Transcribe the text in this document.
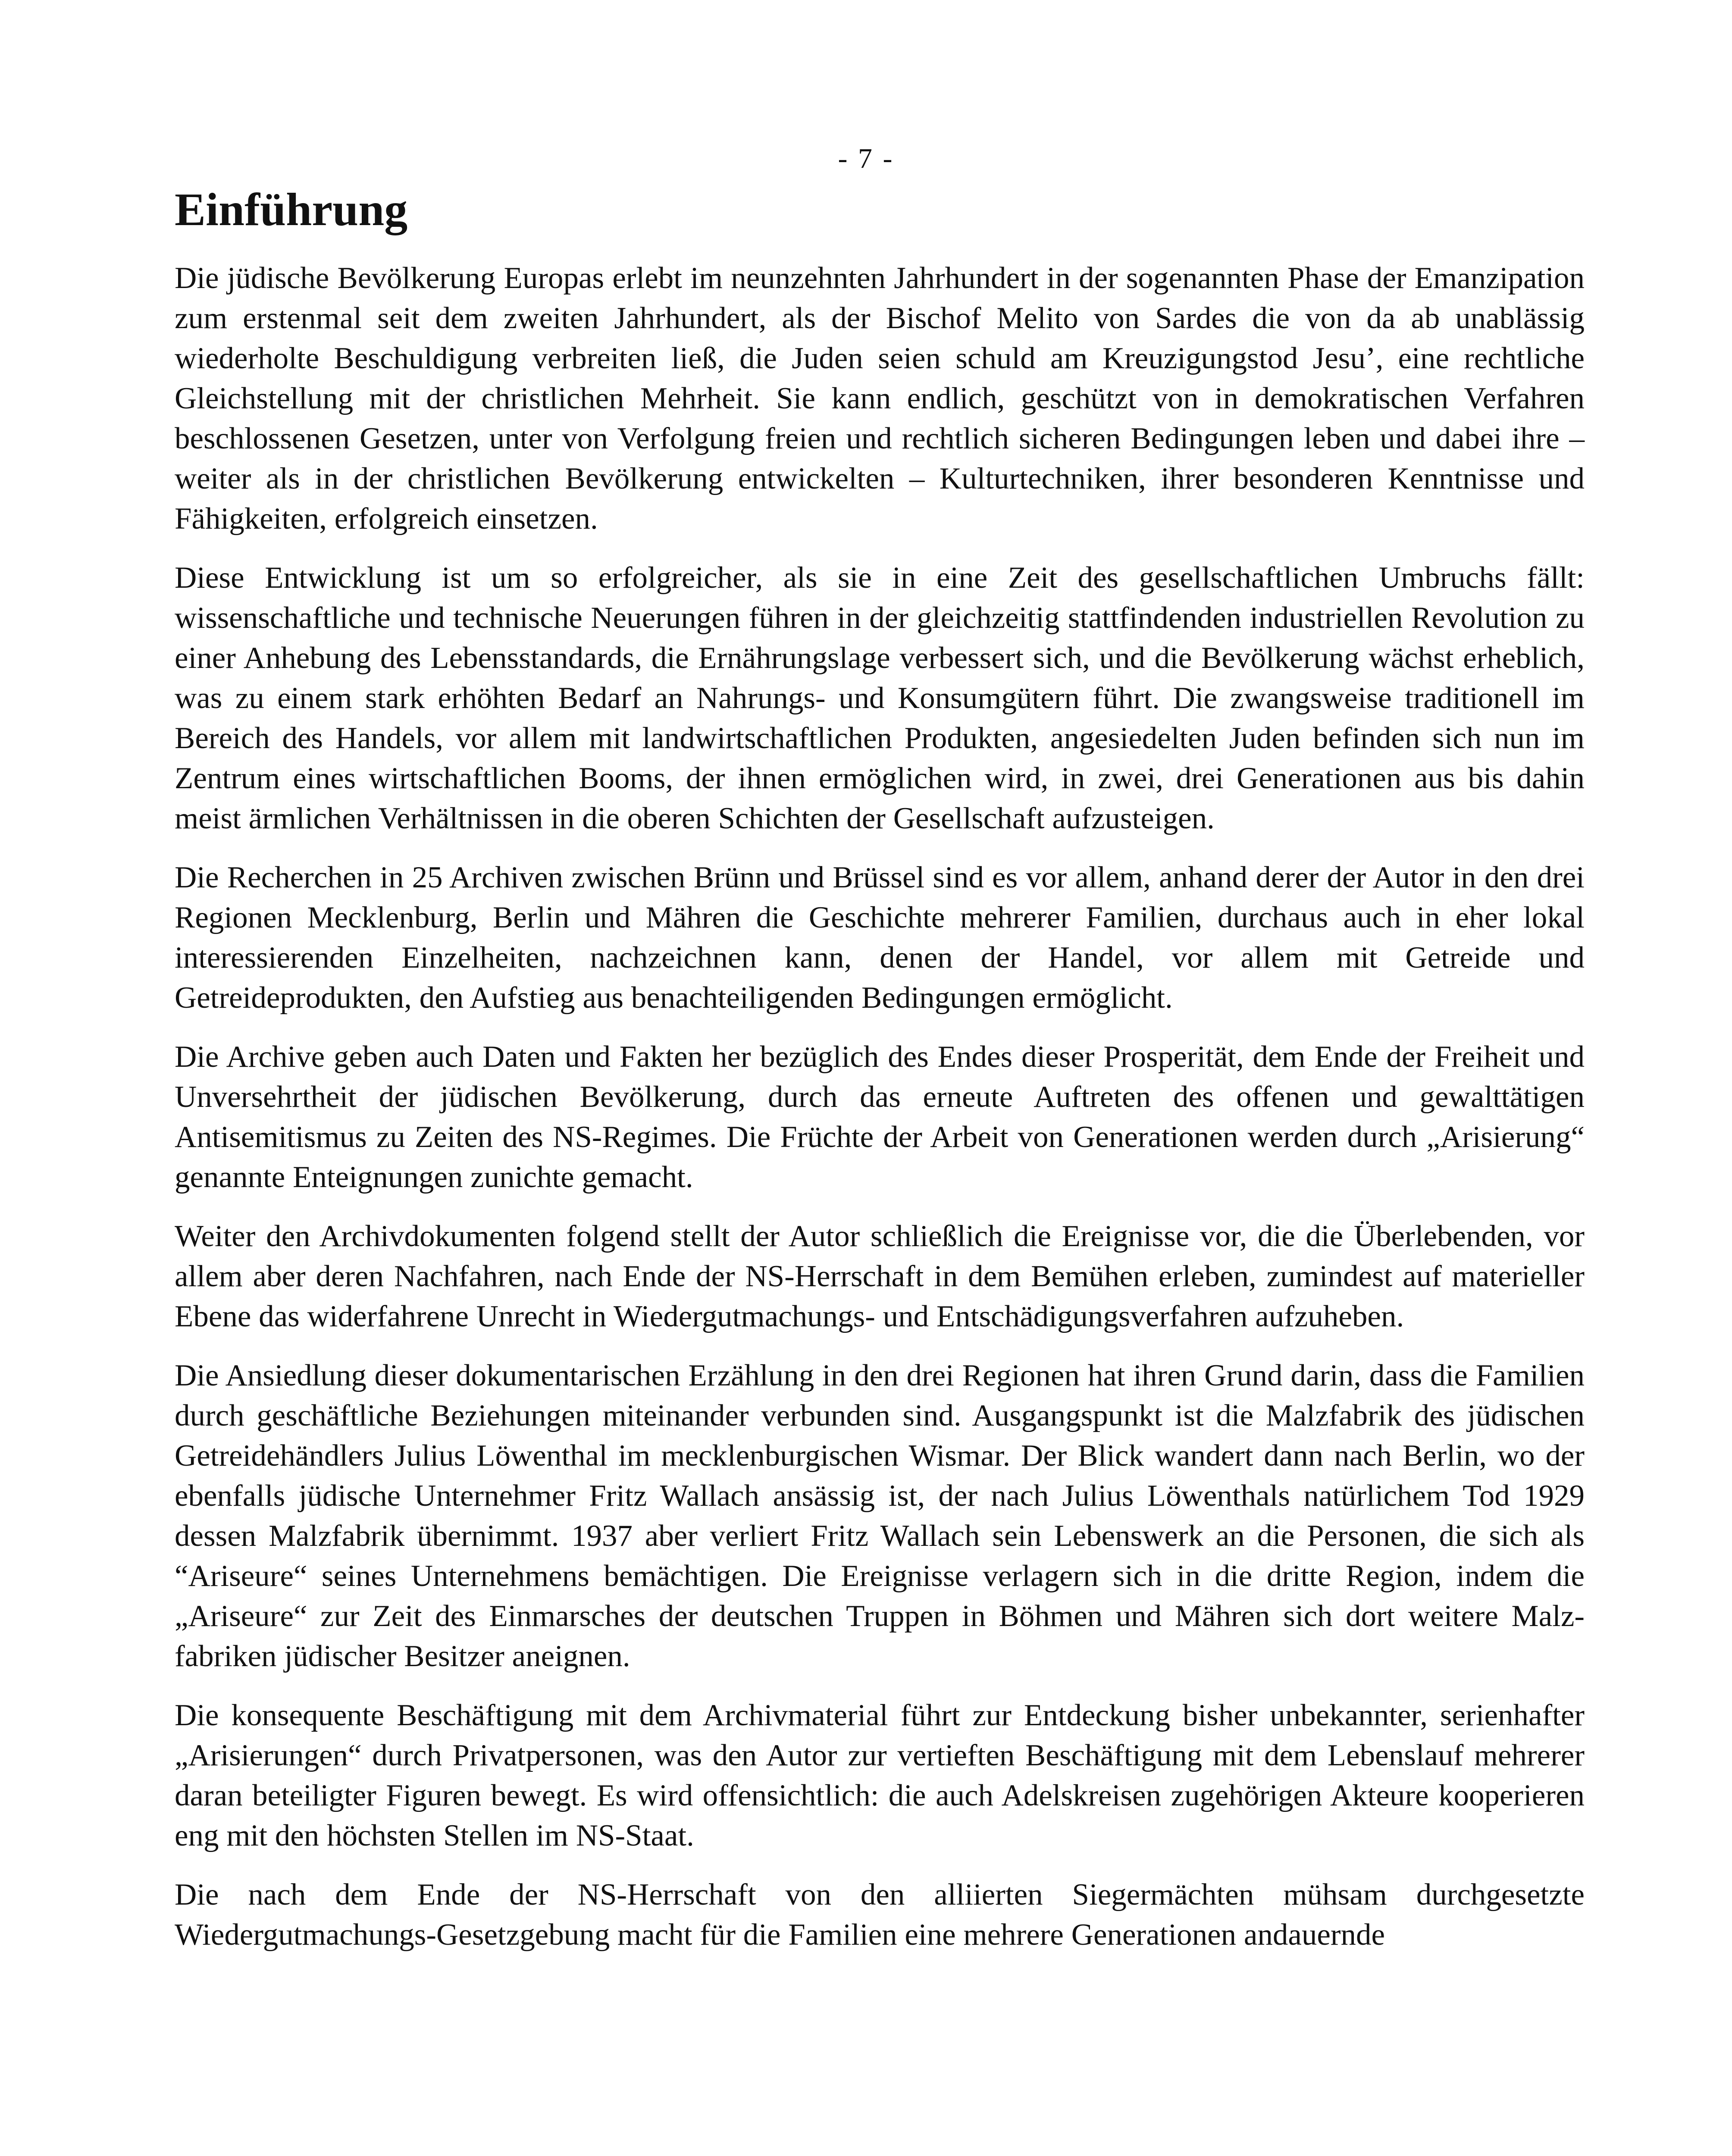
- 7 -
Einführung

Die jüdische Bevölkerung Europas erlebt im neunzehnten Jahrhundert in der sogenannten Phase der Emanzipation zum erstenmal seit dem zweiten Jahrhundert, als der Bischof Melito von Sardes die von da ab unablässig wiederholte Beschuldigung verbreiten ließ, die Juden seien schuld am Kreuzigungstod Jesu’, eine rechtliche Gleichstellung mit der christlichen Mehrheit. Sie kann endlich, geschützt von in demokratischen Verfahren beschlossenen Gesetzen, unter von Verfolgung freien und rechtlich sicheren Bedingungen leben und dabei ihre – weiter als in der christlichen Bevölkerung entwickelten – Kulturtechniken, ihrer besonderen Kenntnisse und Fähigkeiten, erfolgreich einsetzen.

Diese Entwicklung ist um so erfolgreicher, als sie in eine Zeit des gesellschaftlichen Umbruchs fällt: wissenschaftliche und technische Neuerungen führen in der gleichzeitig stattfindenden industriellen Revolution zu einer Anhebung des Lebensstandards, die Ernährungslage verbessert sich, und die Bevölkerung wächst erheblich, was zu einem stark erhöhten Bedarf an Nahrungs- und Konsumgütern führt. Die zwangsweise traditionell im Bereich des Handels, vor allem mit landwirtschaftlichen Produkten, angesiedelten Juden befinden sich nun im Zentrum eines wirtschaftlichen Booms, der ihnen ermöglichen wird, in zwei, drei Generationen aus bis dahin meist ärmlichen Verhältnissen in die oberen Schichten der Gesellschaft aufzusteigen.

Die Recherchen in 25 Archiven zwischen Brünn und Brüssel sind es vor allem, anhand derer der Autor in den drei Regionen Mecklenburg, Berlin und Mähren die Geschichte mehrerer Familien, durchaus auch in eher lokal interessierenden Einzelheiten, nachzeichnen kann, denen der Handel, vor allem mit Getreide und Getreideprodukten, den Aufstieg aus benachteiligenden Bedingungen ermöglicht.

Die Archive geben auch Daten und Fakten her bezüglich des Endes dieser Prosperität, dem Ende der Freiheit und Unversehrtheit der jüdischen Bevölkerung, durch das erneute Auftreten des offenen und gewalttätigen Antisemitismus zu Zeiten des NS-Regimes. Die Früchte der Arbeit von Generationen werden durch „Arisierung“ genannte Enteignungen zunichte gemacht.

Weiter den Archivdokumenten folgend stellt der Autor schließlich die Ereignisse vor, die die Überlebenden, vor allem aber deren Nachfahren, nach Ende der NS-Herrschaft in dem Bemühen erleben, zumindest auf materieller Ebene das widerfahrene Unrecht in Wiedergutmachungs- und Entschädigungsverfahren aufzuheben.

Die Ansiedlung dieser dokumentarischen Erzählung in den drei Regionen hat ihren Grund darin, dass die Familien durch geschäftliche Beziehungen miteinander verbunden sind. Ausgangspunkt ist die Malzfabrik des jüdischen Getreidehändlers Julius Löwenthal im mecklenburgischen Wismar. Der Blick wandert dann nach Berlin, wo der ebenfalls jüdische Unternehmer Fritz Wallach ansässig ist, der nach Julius Löwenthals natürlichem Tod 1929 dessen Malzfabrik übernimmt. 1937 aber verliert Fritz Wallach sein Lebenswerk an die Personen, die sich als “Ariseure“ seines Unternehmens bemächtigen. Die Ereignisse verlagern sich in die dritte Region, indem die „Ariseure“ zur Zeit des Einmarsches der deutschen Truppen in Böhmen und Mähren sich dort weitere Malzfabriken jüdischer Besitzer aneignen.

Die konsequente Beschäftigung mit dem Archivmaterial führt zur Entdeckung bisher unbekannter, serienhafter „Arisierungen“ durch Privatpersonen, was den Autor zur vertieften Beschäftigung mit dem Lebenslauf mehrerer daran beteiligter Figuren bewegt. Es wird offensichtlich: die auch Adelskreisen zugehörigen Akteure kooperieren eng mit den höchsten Stellen im NS-Staat.

Die nach dem Ende der NS-Herrschaft von den alliierten Siegermächten mühsam durchgesetzte Wiedergutmachungs-Gesetzgebung macht für die Familien eine mehrere Generationen andauernde
